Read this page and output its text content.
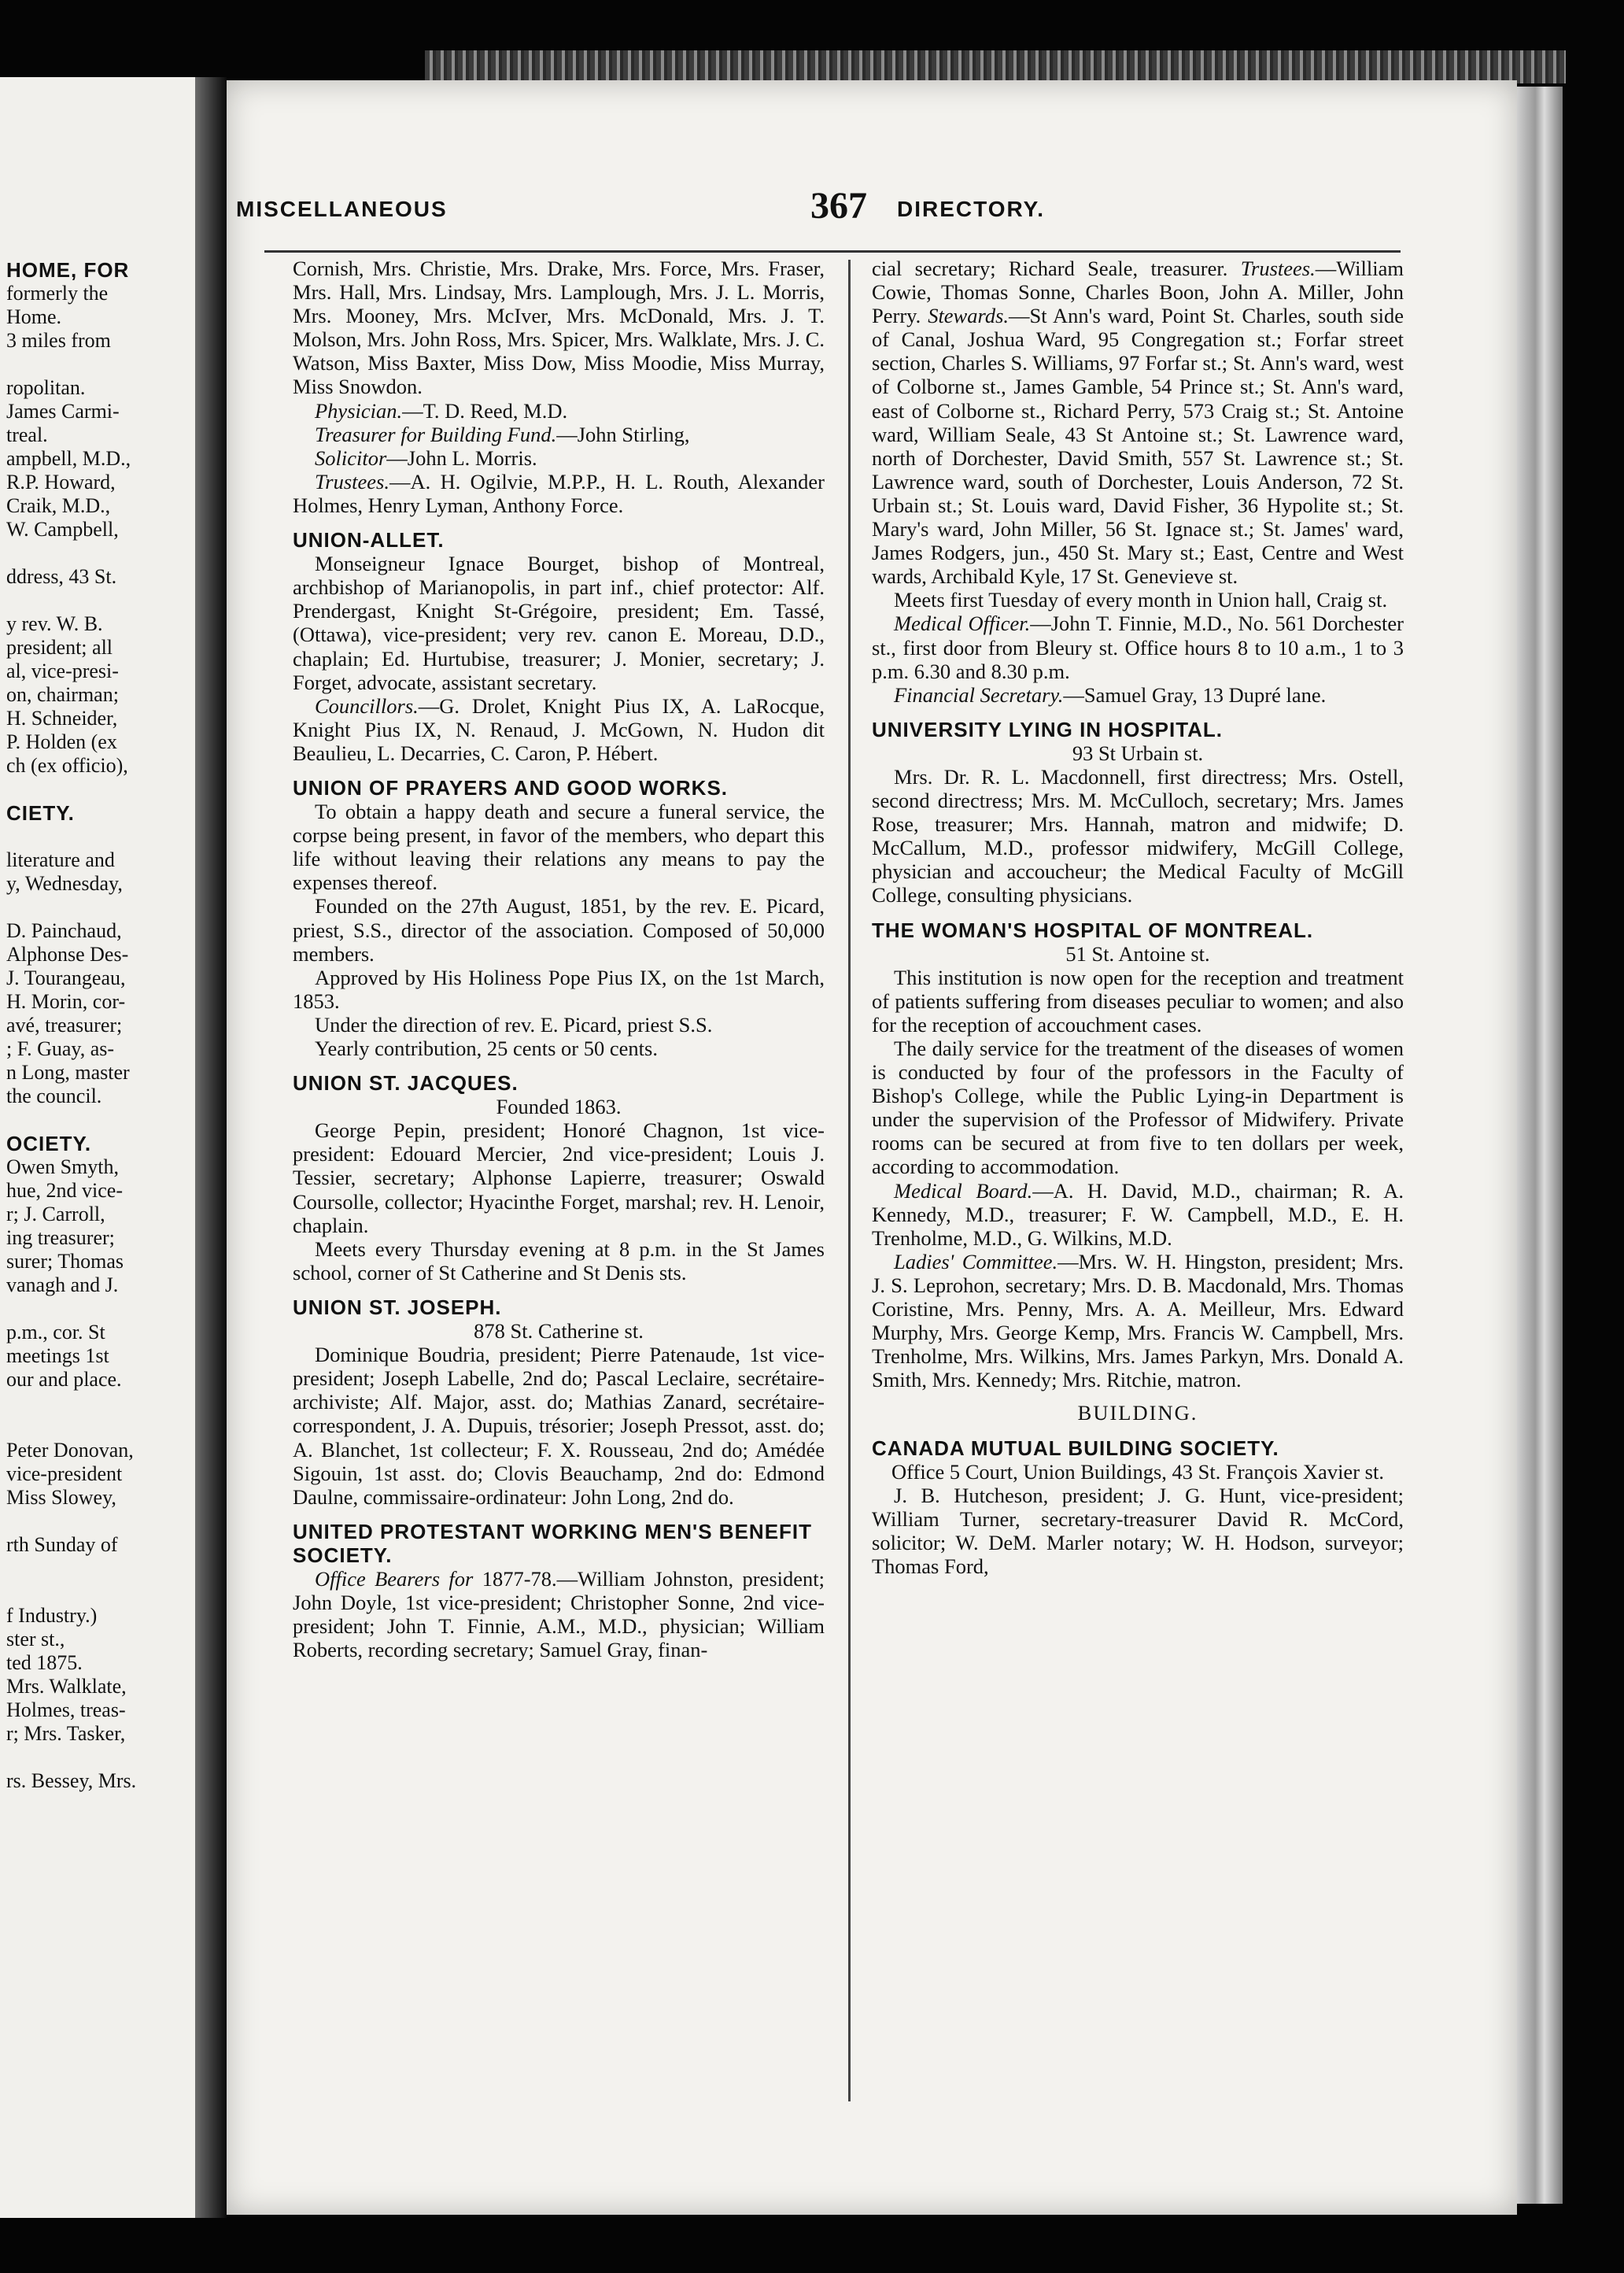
HOME, FOR
formerly the
Home.
3 miles from
ropolitan.
James Carmi-
treal.
ampbell, M.D.,
R.P. Howard,
Craik, M.D.,
W. Campbell,
ddress, 43 St.
y rev. W. B.
president; all
al, vice-presi-
on, chairman;
H. Schneider,
P. Holden (ex
ch (ex officio),
CIETY.
literature and
y, Wednesday,
D. Painchaud,
Alphonse Des-
J. Tourangeau,
H. Morin, cor-
avé, treasurer;
; F. Guay, as-
n Long, master
the council.
OCIETY.
Owen Smyth,
hue, 2nd vice-
r; J. Carroll,
ing treasurer;
surer; Thomas
vanagh and J.
p.m., cor. St
meetings 1st
our and place.
Peter Donovan,
vice-president
Miss Slowey,
rth Sunday of
f Industry.)
ster st.,
ted 1875.
Mrs. Walklate,
Holmes, treas-
r; Mrs. Tasker,
rs. Bessey, Mrs.
MISCELLANEOUS	367 DIRECTORY.

Cornish, Mrs. Christie, Mrs. Drake, Mrs. Force, Mrs. Fraser, Mrs. Hall, Mrs. Lindsay, Mrs. Lamplough, Mrs. J. L. Morris, Mrs. Mooney, Mrs. McIver, Mrs. McDonald, Mrs. J. T. Molson, Mrs. John Ross, Mrs. Spicer, Mrs. Walklate, Mrs. J. C. Watson, Miss Baxter, Miss Dow, Miss Moodie, Miss Murray, Miss Snowdon.

Physician.—T. D. Reed, M.D.

Treasurer for Building Fund.—John Stirling,

Solicitor—John L. Morris.

Trustees.—A. H. Ogilvie, M.P.P., H. L. Routh, Alexander Holmes, Henry Lyman, Anthony Force.

UNION-ALLET.

Monseigneur Ignace Bourget, bishop of Montreal, archbishop of Marianopolis, in part inf., chief protector: Alf. Prendergast, Knight St-Grégoire, president; Em. Tassé, (Ottawa), vice-president; very rev. canon E. Moreau, D.D., chaplain; Ed. Hurtubise, treasurer; J. Monier, secretary; J. Forget, advocate, assistant secretary.

Councillors.—G. Drolet, Knight Pius IX, A. LaRocque, Knight Pius IX, N. Renaud, J. McGown, N. Hudon dit Beaulieu, L. Decarries, C. Caron, P. Hébert.

UNION OF PRAYERS AND GOOD WORKS.

To obtain a happy death and secure a funeral service, the corpse being present, in favor of the members, who depart this life without leaving their relations any means to pay the expenses thereof.

Founded on the 27th August, 1851, by the rev. E. Picard, priest, S.S., director of the association. Composed of 50,000 members.

Approved by His Holiness Pope Pius IX, on the 1st March, 1853.

Under the direction of rev. E. Picard, priest S.S.

Yearly contribution, 25 cents or 50 cents.

UNION ST. JACQUES.

Founded 1863.

George Pepin, president; Honoré Chagnon, 1st vice-president: Edouard Mercier, 2nd vice-president; Louis J. Tessier, secretary; Alphonse Lapierre, treasurer; Oswald Coursolle, collector; Hyacinthe Forget, marshal; rev. H. Lenoir, chaplain.

Meets every Thursday evening at 8 p.m. in the St James school, corner of St Catherine and St Denis sts.

UNION ST. JOSEPH.

878 St. Catherine st.

Dominique Boudria, president; Pierre Patenaude, 1st vice-president; Joseph Labelle, 2nd do; Pascal Leclaire, secrétaire-archiviste; Alf. Major, asst. do; Mathias Zanard, secrétaire-correspondent, J. A. Dupuis, trésorier; Joseph Pressot, asst. do; A. Blanchet, 1st collecteur; F. X. Rousseau, 2nd do; Amédée Sigouin, 1st asst. do; Clovis Beauchamp, 2nd do: Edmond Daulne, commissaire-ordinateur: John Long, 2nd do.

UNITED PROTESTANT WORKING MEN'S BENEFIT SOCIETY.

Office Bearers for 1877-78.—William Johnston, president; John Doyle, 1st vice-president; Christopher Sonne, 2nd vice-president; John T. Finnie, A.M., M.D., physician; William Roberts, recording secretary; Samuel Gray, finan-

cial secretary; Richard Seale, treasurer. Trustees.—William Cowie, Thomas Sonne, Charles Boon, John A. Miller, John Perry. Stewards.—St Ann's ward, Point St. Charles, south side of Canal, Joshua Ward, 95 Congregation st.; Forfar street section, Charles S. Williams, 97 Forfar st.; St. Ann's ward, west of Colborne st., James Gamble, 54 Prince st.; St. Ann's ward, east of Colborne st., Richard Perry, 573 Craig st.; St. Antoine ward, William Seale, 43 St Antoine st.; St. Lawrence ward, north of Dorchester, David Smith, 557 St. Lawrence st.; St. Lawrence ward, south of Dorchester, Louis Anderson, 72 St. Urbain st.; St. Louis ward, David Fisher, 36 Hypolite st.; St. Mary's ward, John Miller, 56 St. Ignace st.; St. James' ward, James Rodgers, jun., 450 St. Mary st.; East, Centre and West wards, Archibald Kyle, 17 St. Genevieve st.

Meets first Tuesday of every month in Union hall, Craig st.

Medical Officer.—John T. Finnie, M.D., No. 561 Dorchester st., first door from Bleury st. Office hours 8 to 10 a.m., 1 to 3 p.m. 6.30 and 8.30 p.m.

Financial Secretary.—Samuel Gray, 13 Dupré lane.

UNIVERSITY LYING IN HOSPITAL.

93 St Urbain st.

Mrs. Dr. R. L. Macdonnell, first directress; Mrs. Ostell, second directress; Mrs. M. McCulloch, secretary; Mrs. James Rose, treasurer; Mrs. Hannah, matron and midwife; D. McCallum, M.D., professor midwifery, McGill College, physician and accoucheur; the Medical Faculty of McGill College, consulting physicians.

THE WOMAN'S HOSPITAL OF MONTREAL.

51 St. Antoine st.

This institution is now open for the reception and treatment of patients suffering from diseases peculiar to women; and also for the reception of accouchment cases.

The daily service for the treatment of the diseases of women is conducted by four of the professors in the Faculty of Bishop's College, while the Public Lying-in Department is under the supervision of the Professor of Midwifery. Private rooms can be secured at from five to ten dollars per week, according to accommodation.

Medical Board.—A. H. David, M.D., chairman; R. A. Kennedy, M.D., treasurer; F. W. Campbell, M.D., E. H. Trenholme, M.D., G. Wilkins, M.D.

Ladies' Committee.—Mrs. W. H. Hingston, president; Mrs. J. S. Leprohon, secretary; Mrs. D. B. Macdonald, Mrs. Thomas Coristine, Mrs. Penny, Mrs. A. A. Meilleur, Mrs. Edward Murphy, Mrs. George Kemp, Mrs. Francis W. Campbell, Mrs. Trenholme, Mrs. Wilkins, Mrs. James Parkyn, Mrs. Donald A. Smith, Mrs. Kennedy; Mrs. Ritchie, matron.

BUILDING.

CANADA MUTUAL BUILDING SOCIETY.

Office 5 Court, Union Buildings, 43 St. François Xavier st.

J. B. Hutcheson, president; J. G. Hunt, vice-president; William Turner, secretary-treasurer David R. McCord, solicitor; W. DeM. Marler notary; W. H. Hodson, surveyor; Thomas Ford,
